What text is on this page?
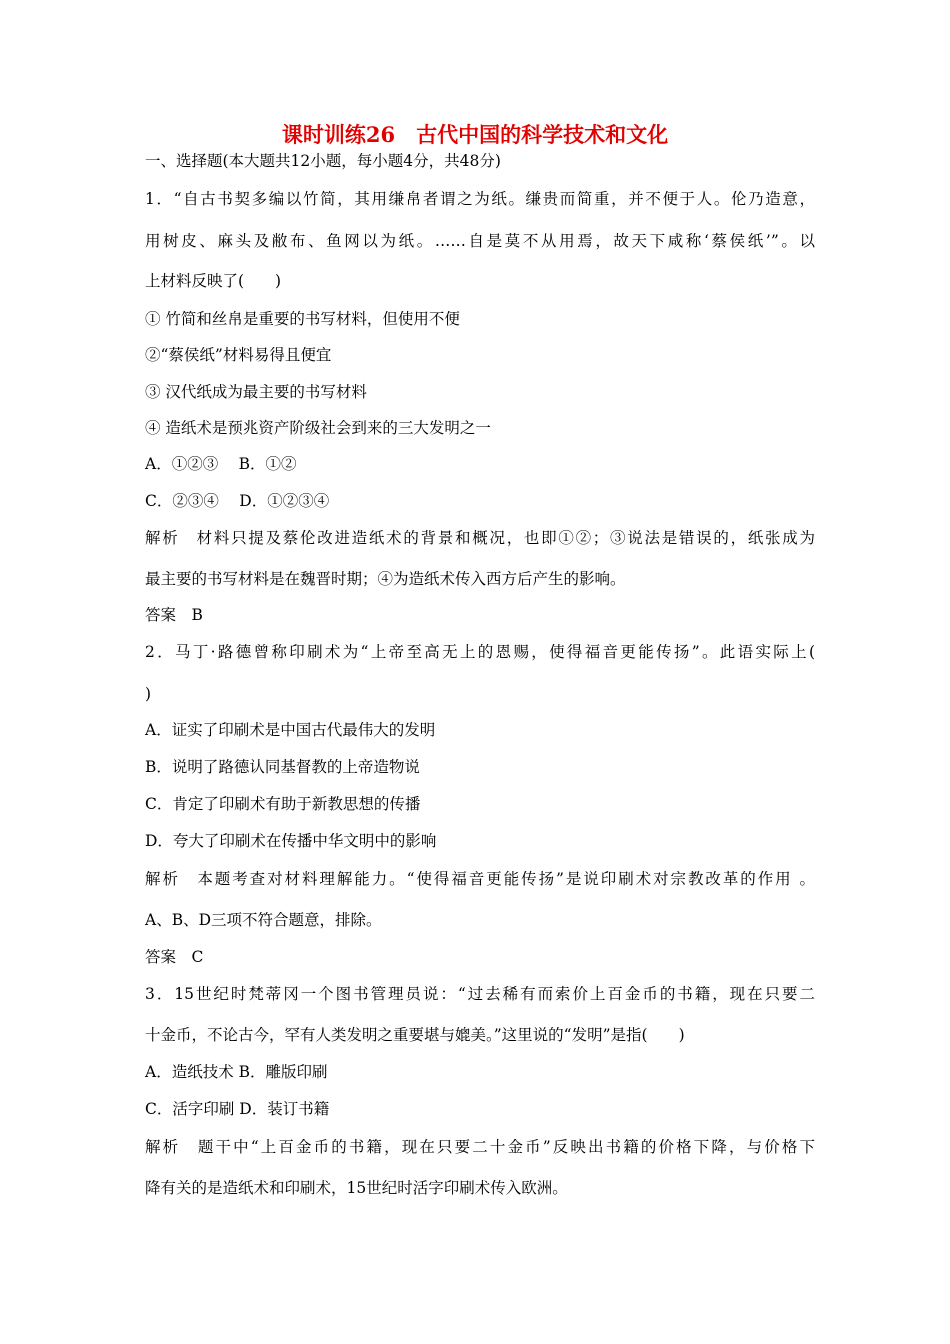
课时训练26　古代中国的科学技术和文化
一、选择题(本大题共12小题，每小题4分，共48分)
1．“自古书契多编以竹简，其用缣帛者谓之为纸。缣贵而简重，并不便于人。伦乃造意，
用树皮、麻头及敝布、鱼网以为纸。……自是莫不从用焉，故天下咸称‘蔡侯纸’”。以
上材料反映了(　　)
① 竹简和丝帛是重要的书写材料，但使用不便
②“蔡侯纸”材料易得且便宜
③ 汉代纸成为最主要的书写材料
④ 造纸术是预兆资产阶级社会到来的三大发明之一
A．①②③　 B．①②
C．②③④　 D．①②③④
解析　材料只提及蔡伦改进造纸术的背景和概况，也即①②；③说法是错误的，纸张成为
最主要的书写材料是在魏晋时期；④为造纸术传入西方后产生的影响。
答案　B
2．马丁·路德曾称印刷术为“上帝至高无上的恩赐，使得福音更能传扬”。此语实际上(
)
A．证实了印刷术是中国古代最伟大的发明
B．说明了路德认同基督教的上帝造物说
C．肯定了印刷术有助于新教思想的传播
D．夸大了印刷术在传播中华文明中的影响
解析　本题考查对材料理解能力。“使得福音更能传扬”是说印刷术对宗教改革的作用 。
A、B、D三项不符合题意，排除。
答案　C
3．15世纪时梵蒂冈一个图书管理员说：“过去稀有而索价上百金币的书籍，现在只要二
十金币，不论古今，罕有人类发明之重要堪与媲美。”这里说的“发明”是指(　　)
A．造纸技术 B．雕版印刷
C．活字印刷 D．装订书籍
解析　题干中“上百金币的书籍，现在只要二十金币”反映出书籍的价格下降，与价格下
降有关的是造纸术和印刷术，15世纪时活字印刷术传入欧洲。
